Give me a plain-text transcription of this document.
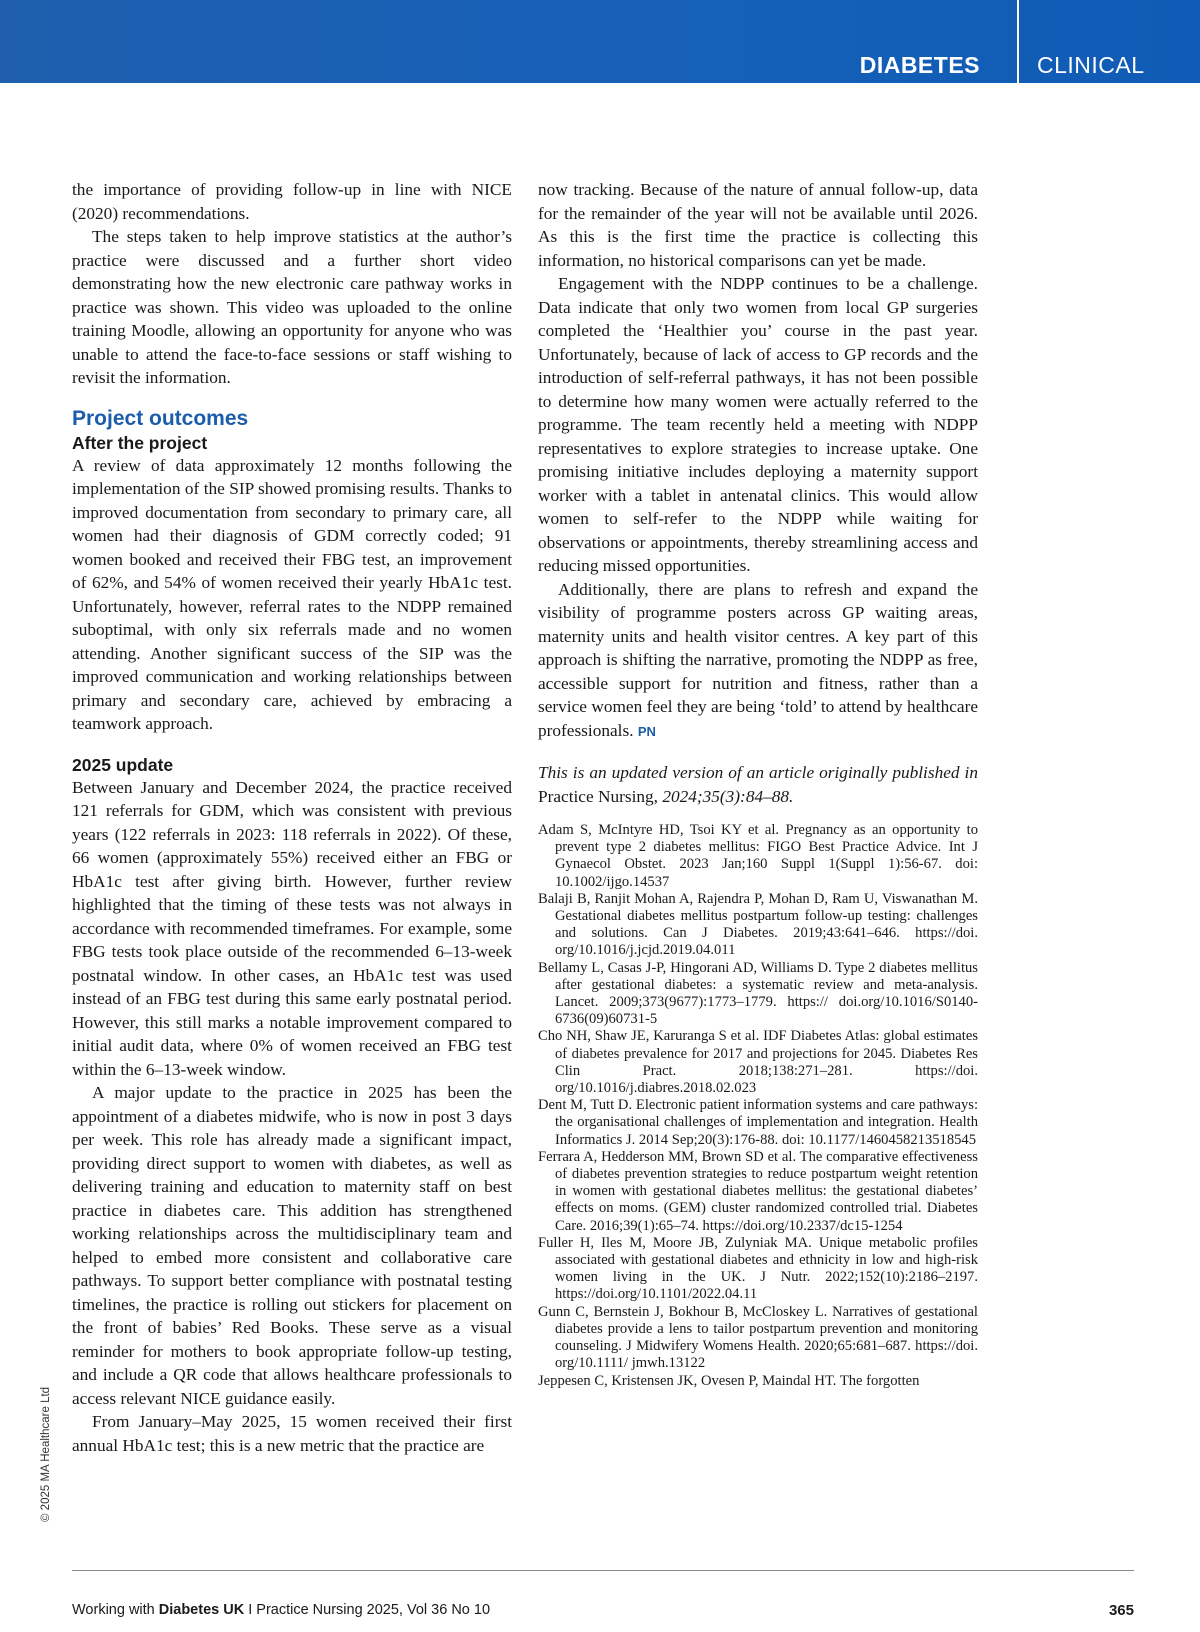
DIABETES CLINICAL

the importance of providing follow-up in line with NICE (2020) recommendations.

The steps taken to help improve statistics at the author’s practice were discussed and a further short video demonstrating how the new electronic care pathway works in practice was shown. This video was uploaded to the online training Moodle, allowing an opportunity for anyone who was unable to attend the face-to-face sessions or staff wishing to revisit the information.

Project outcomes
After the project

A review of data approximately 12 months following the implementation of the SIP showed promising results. Thanks to improved documentation from secondary to primary care, all women had their diagnosis of GDM correctly coded; 91 women booked and received their FBG test, an improvement of 62%, and 54% of women received their yearly HbA1c test. Unfortunately, however, referral rates to the NDPP remained suboptimal, with only six referrals made and no women attending. Another significant success of the SIP was the improved communication and working relationships between primary and secondary care, achieved by embracing a teamwork approach.

2025 update

Between January and December 2024, the practice received 121 referrals for GDM, which was consistent with previous years (122 referrals in 2023: 118 referrals in 2022). Of these, 66 women (approximately 55%) received either an FBG or HbA1c test after giving birth. However, further review highlighted that the timing of these tests was not always in accordance with recommended timeframes. For example, some FBG tests took place outside of the recommended 6–13-week postnatal window. In other cases, an HbA1c test was used instead of an FBG test during this same early postnatal period. However, this still marks a notable improvement compared to initial audit data, where 0% of women received an FBG test within the 6–13-week window.

A major update to the practice in 2025 has been the appointment of a diabetes midwife, who is now in post 3 days per week. This role has already made a significant impact, providing direct support to women with diabetes, as well as delivering training and education to maternity staff on best practice in diabetes care. This addition has strengthened working relationships across the multidisciplinary team and helped to embed more consistent and collaborative care pathways. To support better compliance with postnatal testing timelines, the practice is rolling out stickers for placement on the front of babies’ Red Books. These serve as a visual reminder for mothers to book appropriate follow-up testing, and include a QR code that allows healthcare professionals to access relevant NICE guidance easily.

From January–May 2025, 15 women received their first annual HbA1c test; this is a new metric that the practice are

now tracking. Because of the nature of annual follow-up, data for the remainder of the year will not be available until 2026. As this is the first time the practice is collecting this information, no historical comparisons can yet be made.

Engagement with the NDPP continues to be a challenge. Data indicate that only two women from local GP surgeries completed the ‘Healthier you’ course in the past year. Unfortunately, because of lack of access to GP records and the introduction of self-referral pathways, it has not been possible to determine how many women were actually referred to the programme. The team recently held a meeting with NDPP representatives to explore strategies to increase uptake. One promising initiative includes deploying a maternity support worker with a tablet in antenatal clinics. This would allow women to self-refer to the NDPP while waiting for observations or appointments, thereby streamlining access and reducing missed opportunities.

Additionally, there are plans to refresh and expand the visibility of programme posters across GP waiting areas, maternity units and health visitor centres. A key part of this approach is shifting the narrative, promoting the NDPP as free, accessible support for nutrition and fitness, rather than a service women feel they are being ‘told’ to attend by healthcare professionals. PN

This is an updated version of an article originally published in Practice Nursing, 2024;35(3):84–88.

Adam S, McIntyre HD, Tsoi KY et al. Pregnancy as an opportunity to prevent type 2 diabetes mellitus: FIGO Best Practice Advice. Int J Gynaecol Obstet. 2023 Jan;160 Suppl 1(Suppl 1):56-67. doi: 10.1002/ijgo.14537

Balaji B, Ranjit Mohan A, Rajendra P, Mohan D, Ram U, Viswanathan M. Gestational diabetes mellitus postpartum follow-up testing: challenges and solutions. Can J Diabetes. 2019;43:641–646. https://doi. org/10.1016/j.jcjd.2019.04.011

Bellamy L, Casas J-P, Hingorani AD, Williams D. Type 2 diabetes mellitus after gestational diabetes: a systematic review and meta-analysis. Lancet. 2009;373(9677):1773–1779. https:// doi.org/10.1016/S0140-6736(09)60731-5

Cho NH, Shaw JE, Karuranga S et al. IDF Diabetes Atlas: global estimates of diabetes prevalence for 2017 and projections for 2045. Diabetes Res Clin Pract. 2018;138:271–281. https://doi. org/10.1016/j.diabres.2018.02.023

Dent M, Tutt D. Electronic patient information systems and care pathways: the organisational challenges of implementation and integration. Health Informatics J. 2014 Sep;20(3):176-88. doi: 10.1177/1460458213518545

Ferrara A, Hedderson MM, Brown SD et al. The comparative effectiveness of diabetes prevention strategies to reduce postpartum weight retention in women with gestational diabetes mellitus: the gestational diabetes’ effects on moms. (GEM) cluster randomized controlled trial. Diabetes Care. 2016;39(1):65–74. https://doi.org/10.2337/dc15-1254

Fuller H, Iles M, Moore JB, Zulyniak MA. Unique metabolic profiles associated with gestational diabetes and ethnicity in low and high-risk women living in the UK. J Nutr. 2022;152(10):2186–2197. https://doi.org/10.1101/2022.04.11

Gunn C, Bernstein J, Bokhour B, McCloskey L. Narratives of gestational diabetes provide a lens to tailor postpartum prevention and monitoring counseling. J Midwifery Womens Health. 2020;65:681–687. https://doi. org/10.1111/ jmwh.13122

Jeppesen C, Kristensen JK, Ovesen P, Maindal HT. The forgotten

© 2025 MA Healthcare Ltd
Working with Diabetes UK I Practice Nursing 2025, Vol 36 No 10	365
